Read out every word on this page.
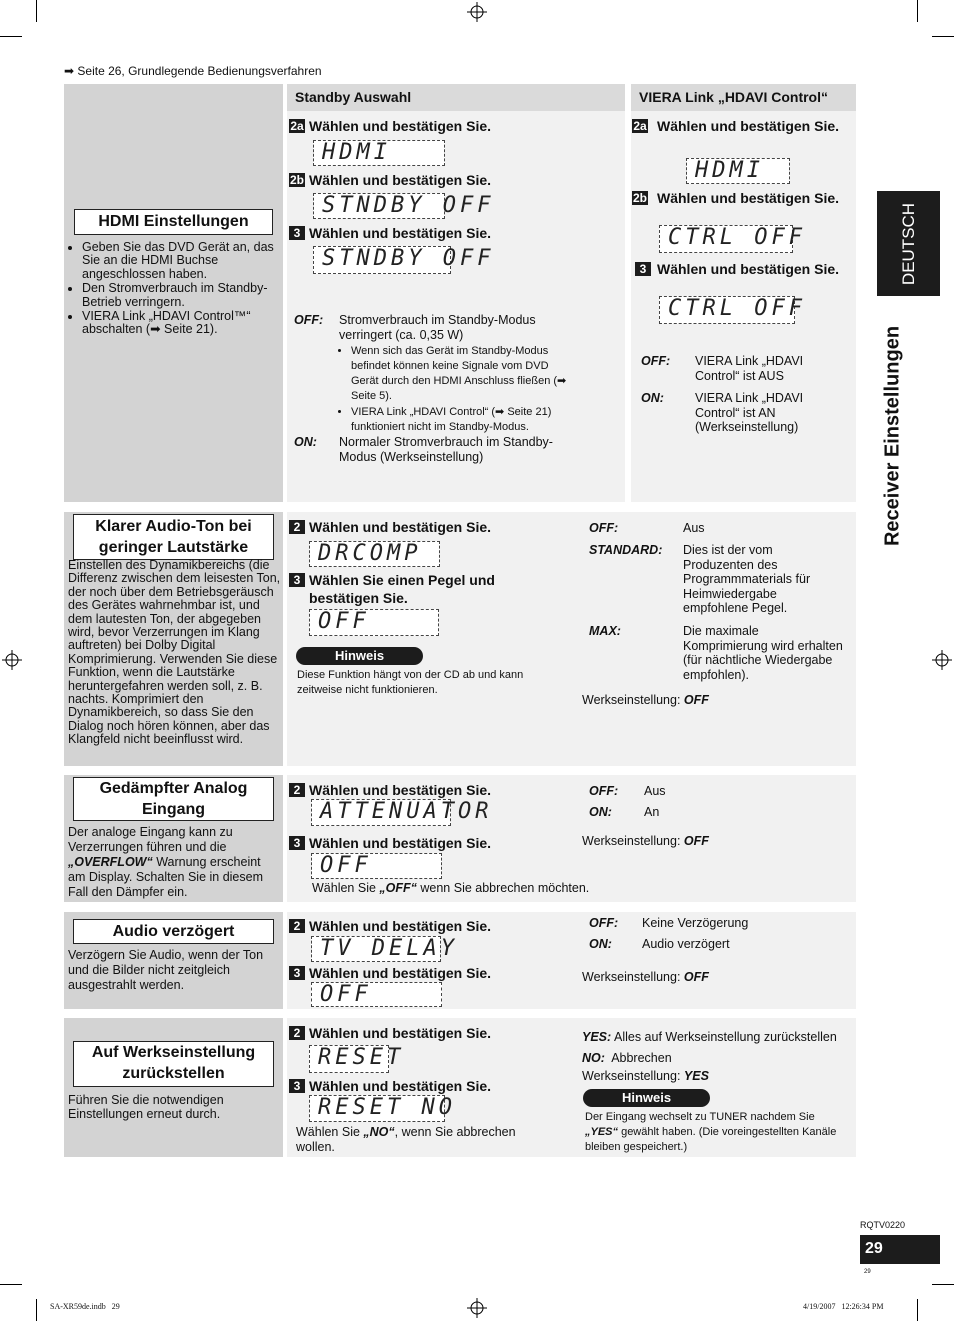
➡ Seite 26, Grundlegende Bedienungsverfahren
DEUTSCH
Receiver Einstellungen
HDMI Einstellungen
• Geben Sie das DVD Gerät an, das Sie an die HDMI Buchse angeschlossen haben.
• Den Stromverbrauch im Standby-Betrieb verringern.
• VIERA Link „HDAVI Control™“ abschalten (➡ Seite 21).
Standby Auswahl
2a Wählen und bestätigen Sie.
HDMI
2b Wählen und bestätigen Sie.
STNDBY OFF
3 Wählen und bestätigen Sie.
STNDBY OFF
OFF: Stromverbrauch im Standby-Modus verringert (ca. 0,35 W)
• Wenn sich das Gerät im Standby-Modus befindet können keine Signale vom DVD Gerät durch den HDMI Anschluss fließen (➡ Seite 5).
• VIERA Link „HDAVI Control“ (➡ Seite 21) funktioniert nicht im Standby-Modus.
ON: Normaler Stromverbrauch im Standby-Modus (Werkseinstellung)
VIERA Link „HDAVI Control“
2a Wählen und bestätigen Sie.
HDMI
2b Wählen und bestätigen Sie.
CTRL OFF
3 Wählen und bestätigen Sie.
CTRL OFF
OFF: VIERA Link „HDAVI Control“ ist AUS
ON: VIERA Link „HDAVI Control“ ist AN (Werkseinstellung)
Klarer Audio-Ton bei geringer Lautstärke
Einstellen des Dynamikbereichs (die Differenz zwischen dem leisesten Ton, der noch über dem Betriebsgeräusch des Gerätes wahrnehmbar ist, und dem lautesten Ton, der abgegeben wird, bevor Verzerrungen im Klang auftreten) bei Dolby Digital Komprimierung. Verwenden Sie diese Funktion, wenn die Lautstärke heruntergefahren werden soll, z. B. nachts. Komprimiert den Dynamikbereich, so dass Sie den Dialog noch hören können, aber das Klangfeld nicht beeinflusst wird.
2 Wählen und bestätigen Sie.
DRCOMP
3 Wählen Sie einen Pegel und bestätigen Sie.
OFF
Hinweis
Diese Funktion hängt von der CD ab und kann zeitweise nicht funktionieren.
OFF:	Aus
STANDARD: Dies ist der vom Produzenten des Programmmaterials für Heimwiedergabe empfohlene Pegel.
MAX:	Die maximale Komprimierung wird erhalten (für nächtliche Wiedergabe empfohlen).
Werkseinstellung: OFF
Gedämpfter Analog Eingang
Der analoge Eingang kann zu Verzerrungen führen und die „OVERFLOW“ Warnung erscheint am Display. Schalten Sie in diesem Fall den Dämpfer ein.
2 Wählen und bestätigen Sie.
ATTENUATOR
3 Wählen und bestätigen Sie.
OFF
Wählen Sie „OFF“ wenn Sie abbrechen möchten.
OFF: Aus
ON:	An
Werkseinstellung: OFF
Audio verzögert
Verzögern Sie Audio, wenn der Ton und die Bilder nicht zeitgleich ausgestrahlt werden.
2 Wählen und bestätigen Sie.
TV DELAY
3 Wählen und bestätigen Sie.
OFF
OFF: Keine Verzögerung
ON: Audio verzögert
Werkseinstellung: OFF
Auf Werkseinstellung zurückstellen
Führen Sie die notwendigen Einstellungen erneut durch.
2 Wählen und bestätigen Sie.
RESET
3 Wählen und bestätigen Sie.
RESET NO
Wählen Sie „NO“, wenn Sie abbrechen wollen.
YES: Alles auf Werkseinstellung zurückstellen
NO: Abbrechen
Werkseinstellung: YES
Hinweis
Der Eingang wechselt zu TUNER nachdem Sie „YES“ gewählt haben. (Die voreingestellten Kanäle bleiben gespeichert.)
RQTV0220
29
29
SA-XR59de.indb   29	4/19/2007   12:26:34 PM
